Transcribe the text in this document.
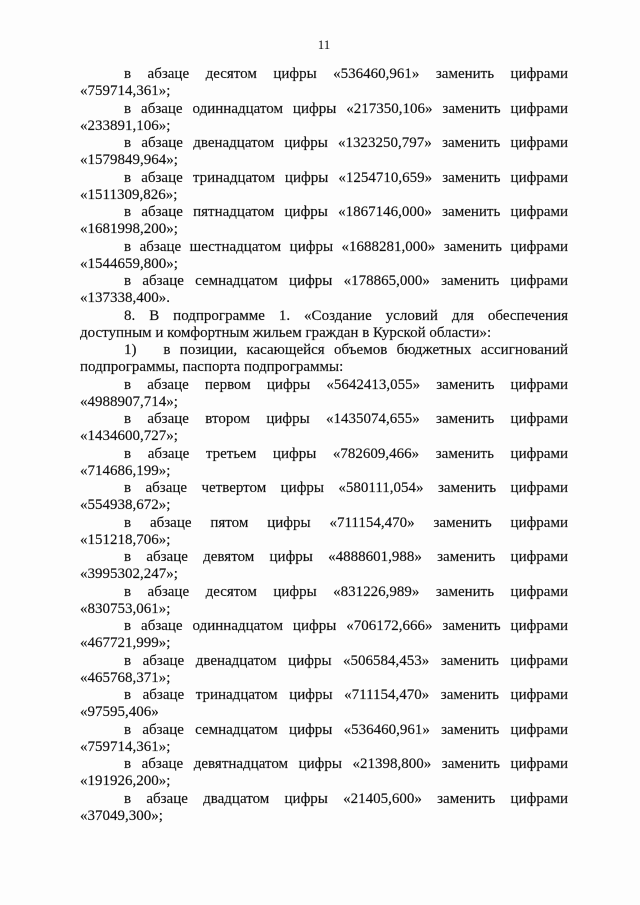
11
в абзаце десятом цифры «536460,961» заменить цифрами
«759714,361»;
в абзаце одиннадцатом цифры «217350,106» заменить цифрами
«233891,106»;
в абзаце двенадцатом цифры «1323250,797» заменить цифрами
«1579849,964»;
в абзаце тринадцатом цифры «1254710,659» заменить цифрами
«1511309,826»;
в абзаце пятнадцатом цифры «1867146,000» заменить цифрами
«1681998,200»;
в абзаце шестнадцатом цифры «1688281,000» заменить цифрами
«1544659,800»;
в абзаце семнадцатом цифры «178865,000» заменить цифрами
«137338,400».
8. В подпрограмме 1. «Создание условий для обеспечения
доступным и комфортным жильем граждан в Курской области»:
1) в позиции, касающейся объемов бюджетных ассигнований
подпрограммы, паспорта подпрограммы:
в абзаце первом цифры «5642413,055» заменить цифрами
«4988907,714»;
в абзаце втором цифры «1435074,655» заменить цифрами
«1434600,727»;
в абзаце третьем цифры «782609,466» заменить цифрами
«714686,199»;
в абзаце четвертом цифры «580111,054» заменить цифрами
«554938,672»;
в абзаце пятом цифры «711154,470» заменить цифрами
«151218,706»;
в абзаце девятом цифры «4888601,988» заменить цифрами
«3995302,247»;
в абзаце десятом цифры «831226,989» заменить цифрами
«830753,061»;
в абзаце одиннадцатом цифры «706172,666» заменить цифрами
«467721,999»;
в абзаце двенадцатом цифры «506584,453» заменить цифрами
«465768,371»;
в абзаце тринадцатом цифры «711154,470» заменить цифрами
«97595,406»
в абзаце семнадцатом цифры «536460,961» заменить цифрами
«759714,361»;
в абзаце девятнадцатом цифры «21398,800» заменить цифрами
«191926,200»;
в абзаце двадцатом цифры «21405,600» заменить цифрами
«37049,300»;
